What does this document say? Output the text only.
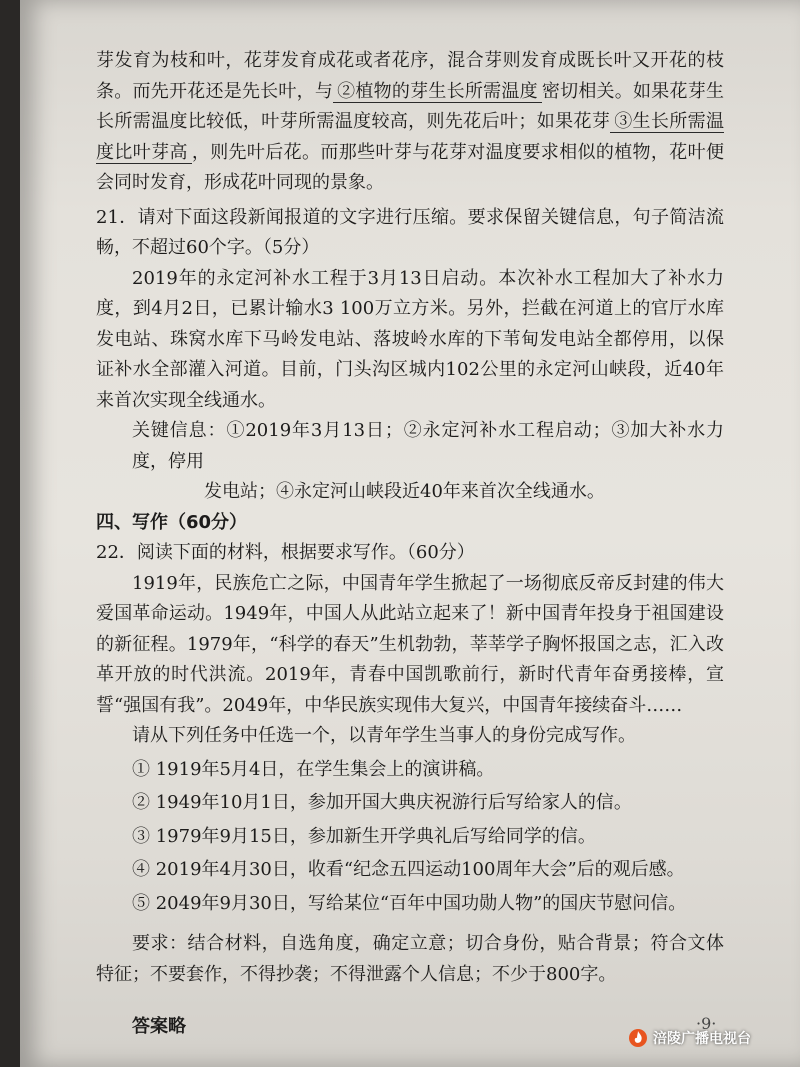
芽发育为枝和叶，花芽发育成花或者花序，混合芽则发育成既长叶又开花的枝条。而先开花还是先长叶，与 ②植物的芽生长所需温度 密切相关。如果花芽生长所需温度比较低，叶芽所需温度较高，则先花后叶；如果花芽 ③生长所需温度比叶芽高 ，则先叶后花。而那些叶芽与花芽对温度要求相似的植物，花叶便会同时发育，形成花叶同现的景象。

21．请对下面这段新闻报道的文字进行压缩。要求保留关键信息，句子简洁流畅，不超过60个字。（5分）

2019年的永定河补水工程于3月13日启动。本次补水工程加大了补水力度，到4月2日，已累计输水3 100万立方米。另外，拦截在河道上的官厅水库发电站、珠窝水库下马岭发电站、落坡岭水库的下苇甸发电站全都停用，以保证补水全部灌入河道。目前，门头沟区城内102公里的永定河山峡段，近40年来首次实现全线通水。

关键信息：①2019年3月13日；②永定河补水工程启动；③加大补水力度，停用

发电站；④永定河山峡段近40年来首次全线通水。

四、写作（60分）

22．阅读下面的材料，根据要求写作。（60分）

1919年，民族危亡之际，中国青年学生掀起了一场彻底反帝反封建的伟大爱国革命运动。1949年，中国人从此站立起来了！新中国青年投身于祖国建设的新征程。1979年，“科学的春天”生机勃勃，莘莘学子胸怀报国之志，汇入改革开放的时代洪流。2019年，青春中国凯歌前行，新时代青年奋勇接棒，宣誓“强国有我”。2049年，中华民族实现伟大复兴，中国青年接续奋斗……

请从下列任务中任选一个，以青年学生当事人的身份完成写作。

① 1919年5月4日，在学生集会上的演讲稿。

② 1949年10月1日，参加开国大典庆祝游行后写给家人的信。

③ 1979年9月15日，参加新生开学典礼后写给同学的信。

④ 2019年4月30日，收看“纪念五四运动100周年大会”后的观后感。

⑤ 2049年9月30日，写给某位“百年中国功勋人物”的国庆节慰问信。

要求：结合材料，自选角度，确定立意；切合身份，贴合背景；符合文体特征；不要套作，不得抄袭；不得泄露个人信息；不少于800字。

答案略	·9·
涪陵广播电视台
